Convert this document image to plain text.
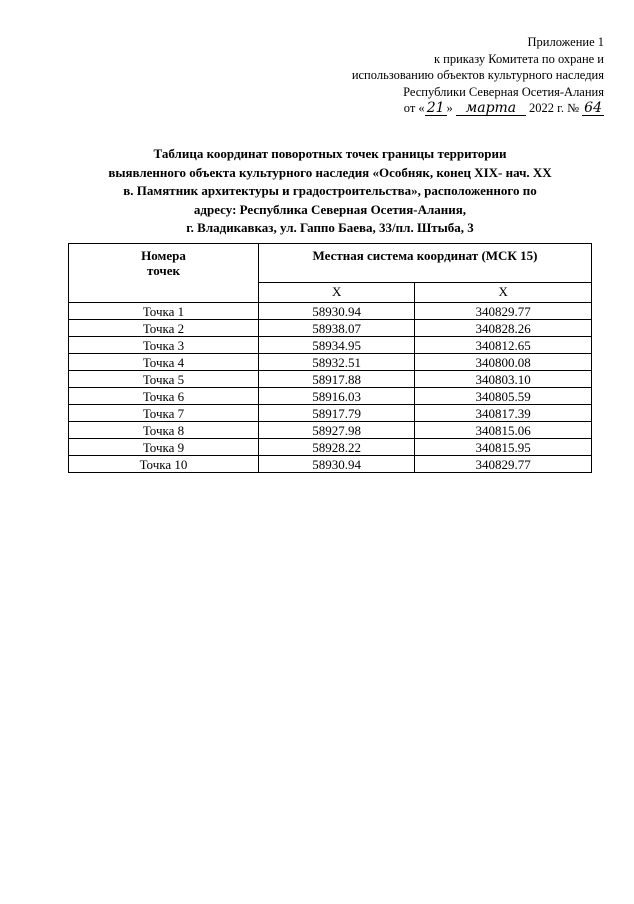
Приложение 1
к приказу Комитета по охране и
использованию объектов культурного наследия
Республики Северная Осетия-Алания
от « 21 » марта 2022 г. № 64
Таблица координат поворотных точек границы территории
выявленного объекта культурного наследия «Особняк, конец XIX- нач. XX
в. Памятник архитектуры и градостроительства», расположенного по
адресу: Республика Северная Осетия-Алания,
г. Владикавказ, ул. Гаппо Баева, 33/пл. Штыба, 3
Номера точек	Местная система координат (МСК 15)	
	X	X
Точка 1	58930.94	340829.77
Точка 2	58938.07	340828.26
Точка 3	58934.95	340812.65
Точка 4	58932.51	340800.08
Точка 5	58917.88	340803.10
Точка 6	58916.03	340805.59
Точка 7	58917.79	340817.39
Точка 8	58927.98	340815.06
Точка 9	58928.22	340815.95
Точка 10	58930.94	340829.77
